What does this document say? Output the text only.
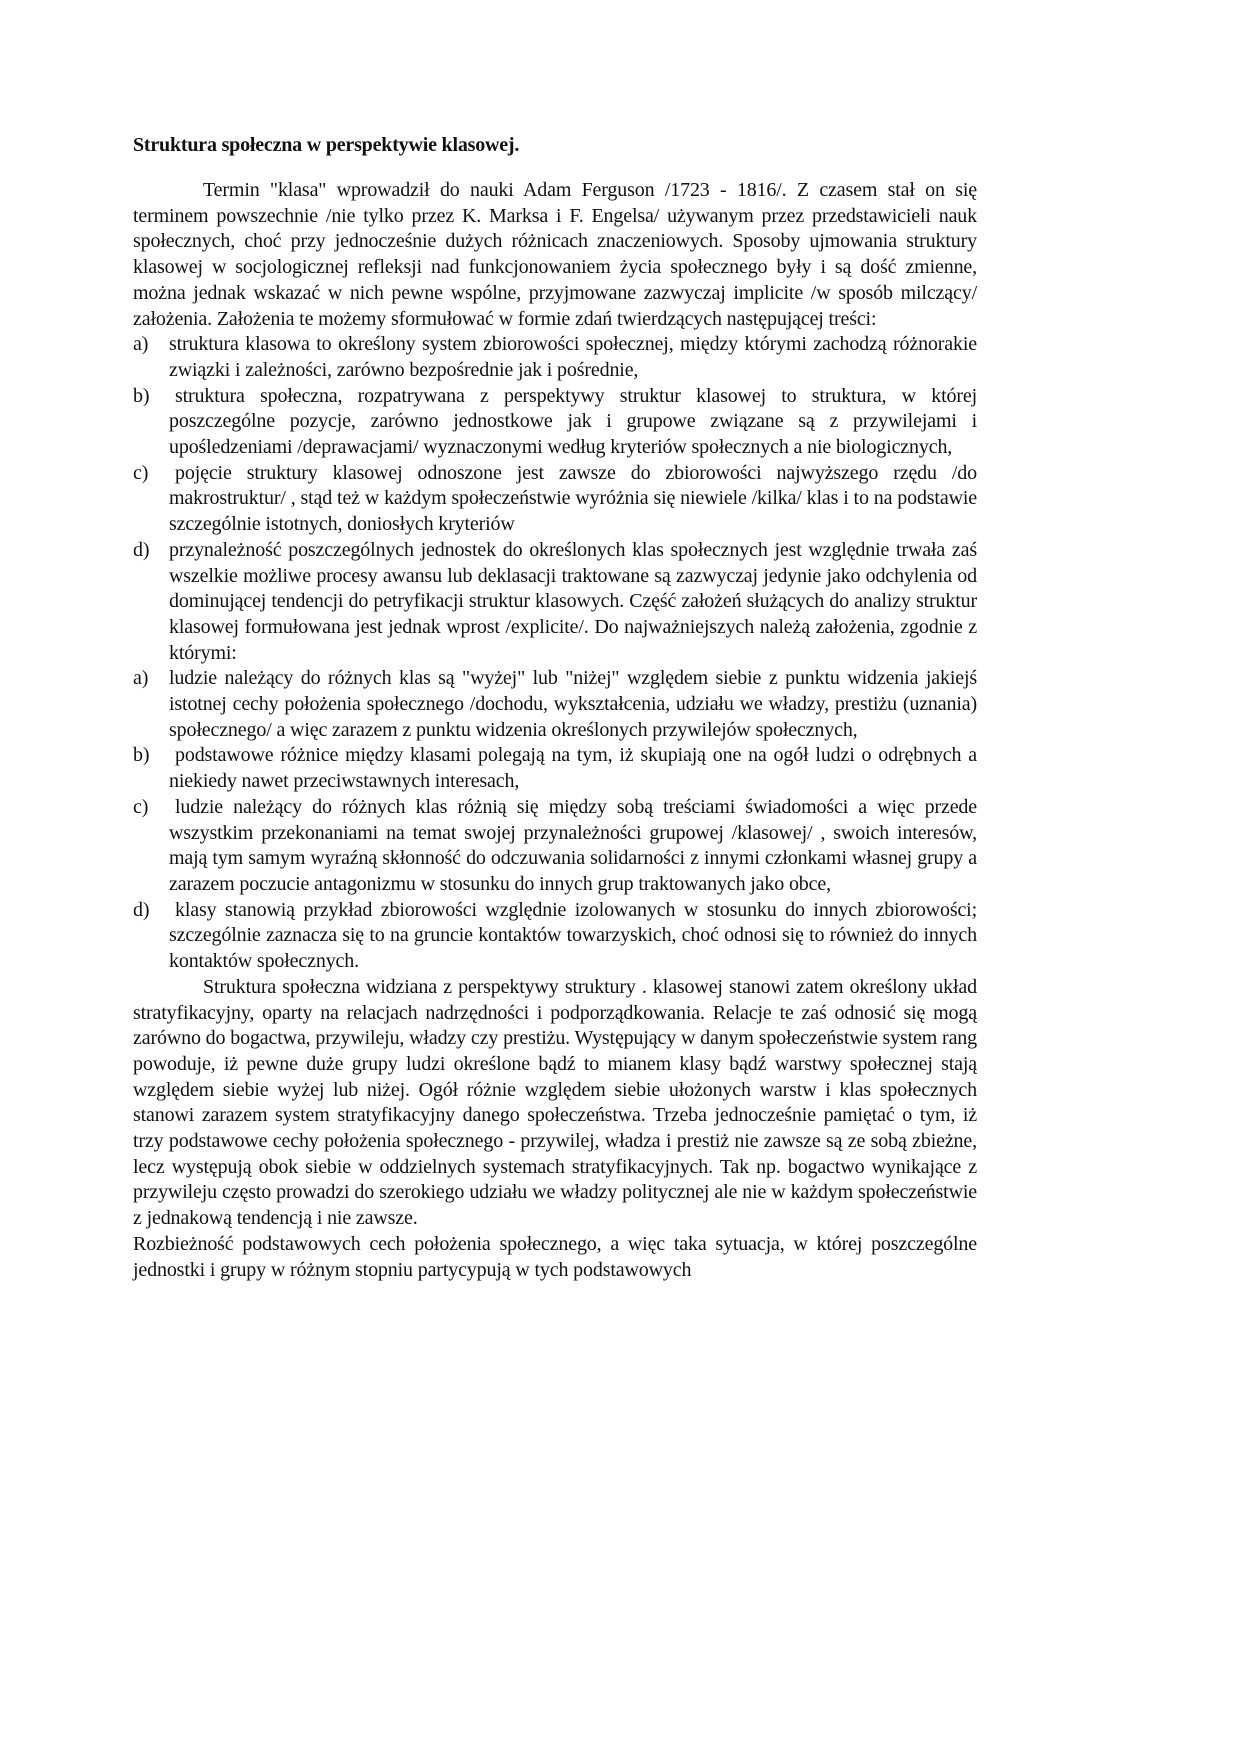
Struktura społeczna w perspektywie klasowej.

Termin "klasa" wprowadził do nauki Adam Ferguson /1723 - 1816/. Z czasem stał on się terminem powszechnie /nie tylko przez K. Marksa i F. Engelsa/ używanym przez przedstawicieli nauk społecznych, choć przy jednocześnie dużych różnicach znaczeniowych. Sposoby ujmowania struktury klasowej w socjologicznej refleksji nad funkcjonowaniem życia społecznego były i są dość zmienne, można jednak wskazać w nich pewne wspólne, przyjmowane zazwyczaj implicite /w sposób milczący/ założenia. Założenia te możemy sformułować w formie zdań twierdzących następującej treści:

a) struktura klasowa to określony system zbiorowości społecznej, między którymi zachodzą różnorakie związki i zależności, zarówno bezpośrednie jak i pośrednie,
b)	struktura społeczna, rozpatrywana z perspektywy struktur klasowej to struktura, w której poszczególne pozycje, zarówno jednostkowe jak i grupowe związane są z przywilejami i upośledzeniami /deprawacjami/ wyznaczonymi według kryteriów społecznych a nie biologicznych,
c)	pojęcie struktury klasowej odnoszone jest zawsze do zbiorowości najwyższego rzędu /do makrostruktur/ , stąd też w każdym społeczeństwie wyróżnia się niewiele /kilka/ klas i to na podstawie szczególnie istotnych, doniosłych kryteriów
d) przynależność poszczególnych jednostek do określonych klas społecznych jest względnie trwała zaś wszelkie możliwe procesy awansu lub deklasacji traktowane są zazwyczaj jedynie jako odchylenia od dominującej tendencji do petryfikacji struktur klasowych. Część założeń służących do analizy struktur klasowej formułowana jest jednak wprost /explicite/. Do najważniejszych należą założenia, zgodnie z którymi:
a) ludzie należący do różnych klas są "wyżej" lub "niżej" względem siebie z punktu widzenia jakiejś istotnej cechy położenia społecznego /dochodu, wykształcenia, udziału we władzy, prestiżu (uznania) społecznego/ a więc zarazem z punktu widzenia określonych przywilejów społecznych,
b)	podstawowe różnice między klasami polegają na tym, iż skupiają one na ogół ludzi o odrębnych a niekiedy nawet przeciwstawnych interesach,
c)	ludzie należący do różnych klas różnią się między sobą treściami świadomości a więc przede wszystkim przekonaniami na temat swojej przynależności grupowej /klasowej/ , swoich interesów, mają tym samym wyraźną skłonność do odczuwania solidarności z innymi członkami własnej grupy a zarazem poczucie antagonizmu w stosunku do innych grup traktowanych jako obce,
d)	klasy stanowią przykład zbiorowości względnie izolowanych w stosunku do innych zbiorowości; szczególnie zaznacza się to na gruncie kontaktów towarzyskich, choć odnosi się to również do innych kontaktów społecznych.

Struktura społeczna widziana z perspektywy struktury . klasowej stanowi zatem określony układ stratyfikacyjny, oparty na relacjach nadrzędności i podporządkowania. Relacje te zaś odnosić się mogą zarówno do bogactwa, przywileju, władzy czy prestiżu. Występujący w danym społeczeństwie system rang powoduje, iż pewne duże grupy ludzi określone bądź to mianem klasy bądź warstwy społecznej stają względem siebie wyżej lub niżej. Ogół różnie względem siebie ułożonych warstw i klas społecznych stanowi zarazem system stratyfikacyjny danego społeczeństwa. Trzeba jednocześnie pamiętać o tym, iż trzy podstawowe cechy położenia społecznego - przywilej, władza i prestiż nie zawsze są ze sobą zbieżne, lecz występują obok siebie w oddzielnych systemach stratyfikacyjnych. Tak np. bogactwo wynikające z przywileju często prowadzi do szerokiego udziału we władzy politycznej ale nie w każdym społeczeństwie z jednakową tendencją i nie zawsze.

Rozbieżność podstawowych cech położenia społecznego, a więc taka sytuacja, w której poszczególne jednostki i grupy w różnym stopniu partycypują w tych podstawowych
